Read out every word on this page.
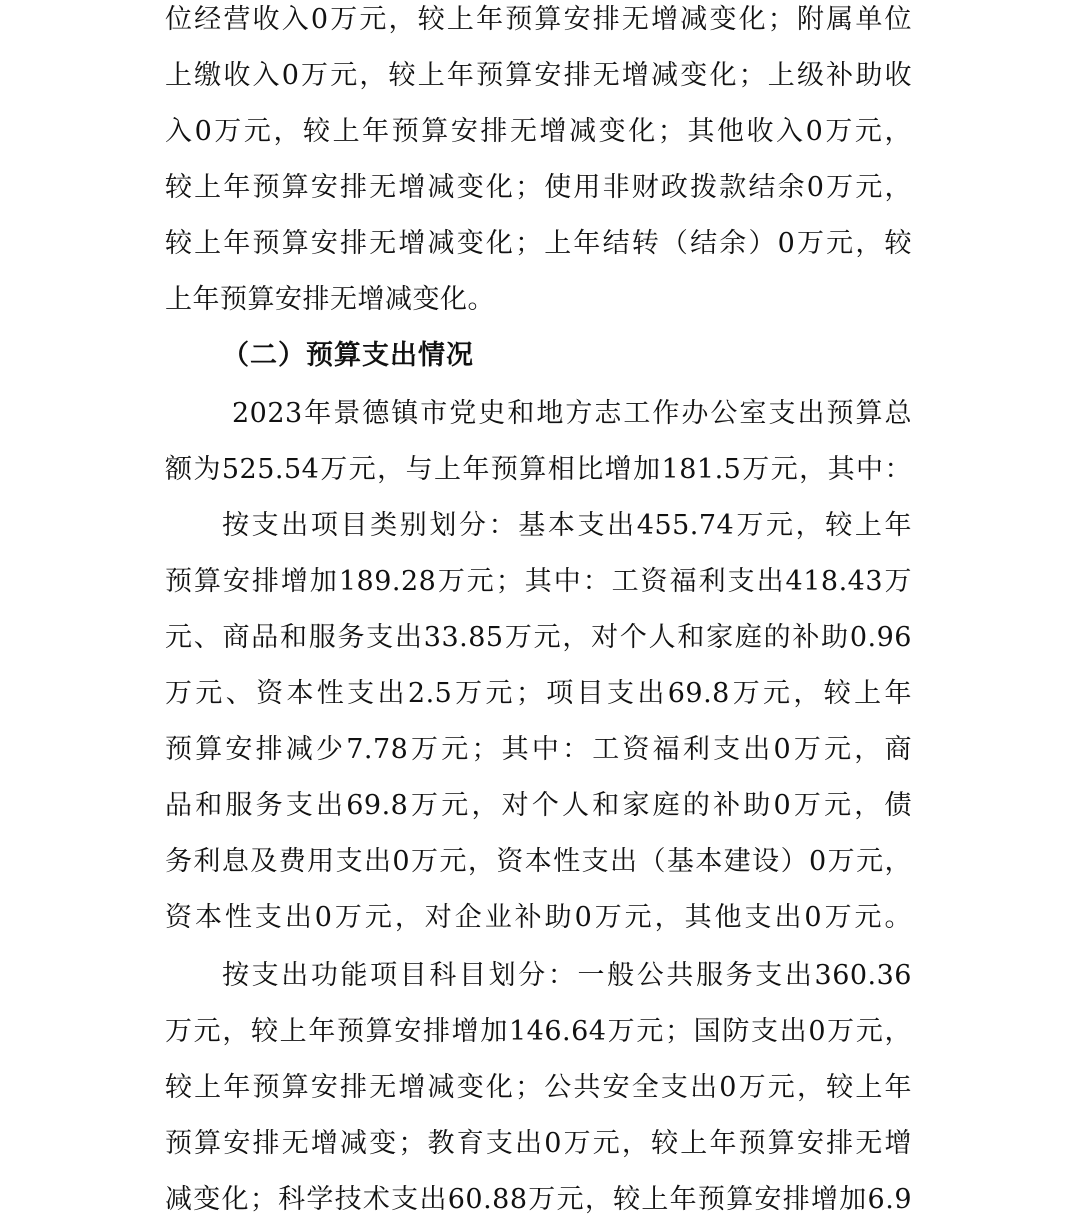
位经营收入0万元，较上年预算安排无增减变化；附属单位
上缴收入0万元，较上年预算安排无增减变化；上级补助收
入0万元，较上年预算安排无增减变化；其他收入0万元，
较上年预算安排无增减变化；使用非财政拨款结余0万元，
较上年预算安排无增减变化；上年结转（结余）0万元，较
上年预算安排无增减变化。
（二）预算支出情况
2023年景德镇市党史和地方志工作办公室支出预算总
额为525.54万元，与上年预算相比增加181.5万元，其中：
按支出项目类别划分：基本支出455.74万元，较上年
预算安排增加189.28万元；其中：工资福利支出418.43万
元、商品和服务支出33.85万元，对个人和家庭的补助0.96
万元、资本性支出2.5万元；项目支出69.8万元，较上年
预算安排减少7.78万元；其中：工资福利支出0万元，商
品和服务支出69.8万元，对个人和家庭的补助0万元，债
务利息及费用支出0万元，资本性支出（基本建设）0万元，
资本性支出0万元，对企业补助0万元，其他支出0万元。
按支出功能项目科目划分：一般公共服务支出360.36
万元，较上年预算安排增加146.64万元；国防支出0万元，
较上年预算安排无增减变化；公共安全支出0万元，较上年
预算安排无增减变；教育支出0万元，较上年预算安排无增
减变化；科学技术支出60.88万元，较上年预算安排增加6.9
